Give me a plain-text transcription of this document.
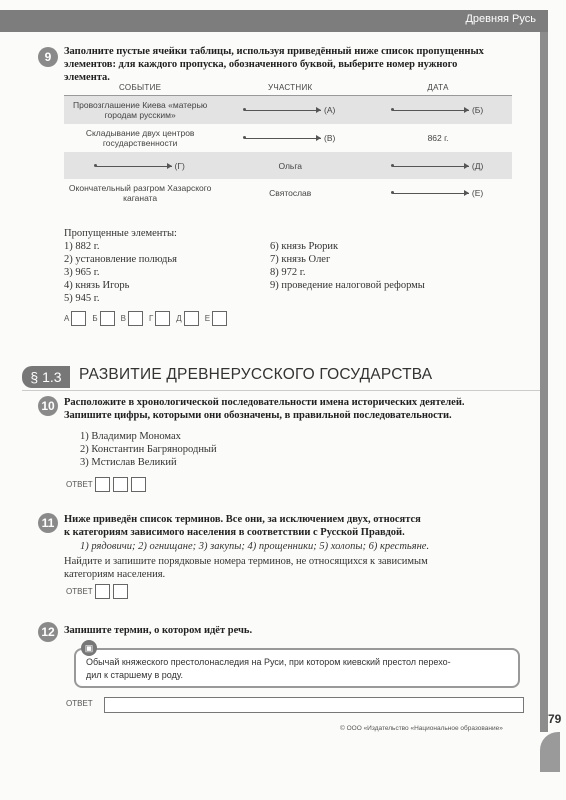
Древняя Русь
9	Заполните пустые ячейки таблицы, используя приведённый ниже список пропущенных
элементов: для каждого пропуска, обозначенного буквой, выберите номер нужного
элемента.
СОБЫТИЕ	УЧАСТНИК	ДАТА
Провозглашение Киева «матерью городам русским»	(А)	(Б)
Складывание двух центров государственности	(В)	862 г.
(Г)	Ольга	(Д)
Окончательный разгром Хазарского каганата	Святослав	(Е)
Пропущенные элементы:
1) 882 г.
2) установление полюдья
3) 965 г.
4) князь Игорь
5) 945 г.
6) князь Рюрик
7) князь Олег
8) 972 г.
9) проведение налоговой реформы
А	Б	В	Г	Д	Е
§ 1.3	РАЗВИТИЕ ДРЕВНЕРУССКОГО ГОСУДАРСТВА
10 Расположите в хронологической последовательности имена исторических деятелей.
Запишите цифры, которыми они обозначены, в правильной последовательности.
1) Владимир Мономах
2) Константин Багрянородный
3) Мстислав Великий
ОТВЕТ
11 Ниже приведён список терминов. Все они, за исключением двух, относятся
к категориям зависимого населения в соответствии с Русской Правдой.
1) рядовичи; 2) огнищане; 3) закупы; 4) прощенники; 5) холопы; 6) крестьяне.
Найдите и запишите порядковые номера терминов, не относящихся к зависимым
категориям населения.
ОТВЕТ
12 Запишите термин, о котором идёт речь.
Обычай княжеского престолонаследия на Руси, при котором киевский престол перехо-
дил к старшему в роду.
▣
ОТВЕТ
79
© ООО «Издательство «Национальное образование»
